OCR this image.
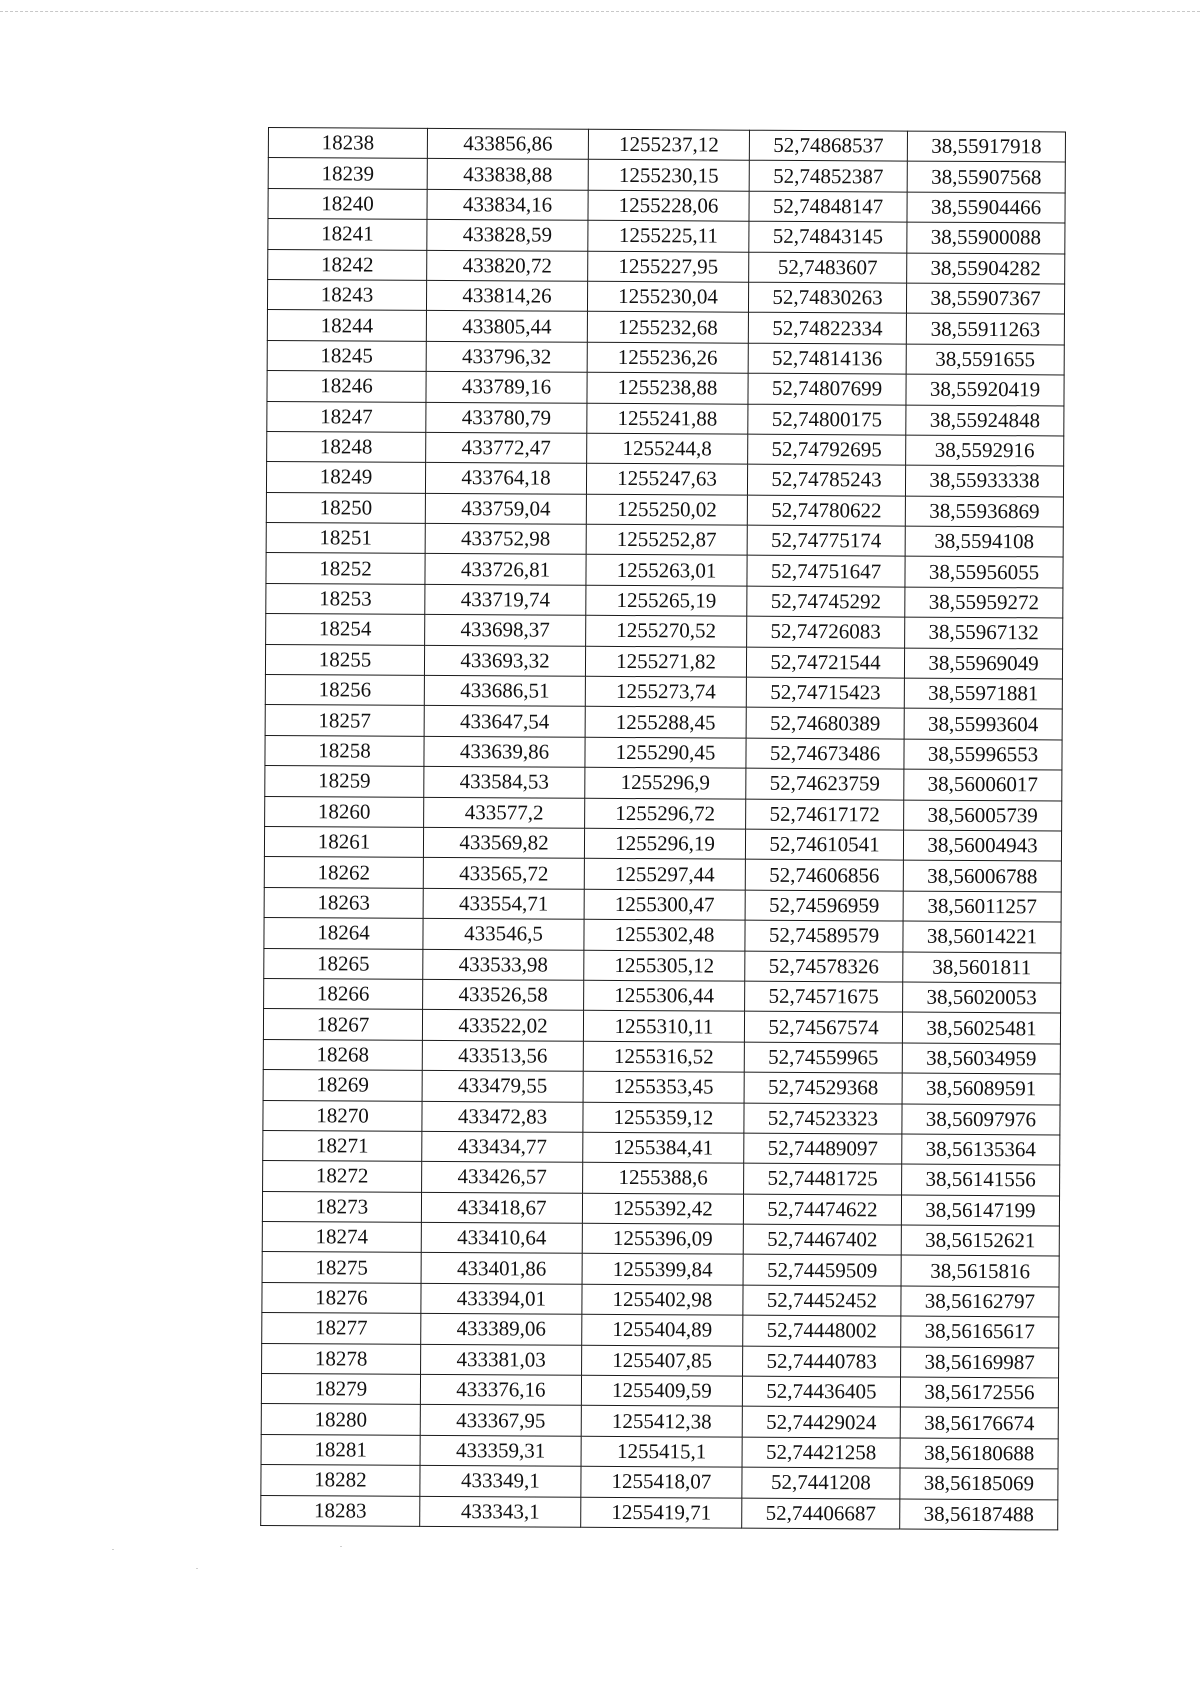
18238	433856,86	1255237,12	52,74868537	38,55917918
18239	433838,88	1255230,15	52,74852387	38,55907568
18240	433834,16	1255228,06	52,74848147	38,55904466
18241	433828,59	1255225,11	52,74843145	38,55900088
18242	433820,72	1255227,95	52,7483607	38,55904282
18243	433814,26	1255230,04	52,74830263	38,55907367
18244	433805,44	1255232,68	52,74822334	38,55911263
18245	433796,32	1255236,26	52,74814136	38,5591655
18246	433789,16	1255238,88	52,74807699	38,55920419
18247	433780,79	1255241,88	52,74800175	38,55924848
18248	433772,47	1255244,8	52,74792695	38,5592916
18249	433764,18	1255247,63	52,74785243	38,55933338
18250	433759,04	1255250,02	52,74780622	38,55936869
18251	433752,98	1255252,87	52,74775174	38,5594108
18252	433726,81	1255263,01	52,74751647	38,55956055
18253	433719,74	1255265,19	52,74745292	38,55959272
18254	433698,37	1255270,52	52,74726083	38,55967132
18255	433693,32	1255271,82	52,74721544	38,55969049
18256	433686,51	1255273,74	52,74715423	38,55971881
18257	433647,54	1255288,45	52,74680389	38,55993604
18258	433639,86	1255290,45	52,74673486	38,55996553
18259	433584,53	1255296,9	52,74623759	38,56006017
18260	433577,2	1255296,72	52,74617172	38,56005739
18261	433569,82	1255296,19	52,74610541	38,56004943
18262	433565,72	1255297,44	52,74606856	38,56006788
18263	433554,71	1255300,47	52,74596959	38,56011257
18264	433546,5	1255302,48	52,74589579	38,56014221
18265	433533,98	1255305,12	52,74578326	38,5601811
18266	433526,58	1255306,44	52,74571675	38,56020053
18267	433522,02	1255310,11	52,74567574	38,56025481
18268	433513,56	1255316,52	52,74559965	38,56034959
18269	433479,55	1255353,45	52,74529368	38,56089591
18270	433472,83	1255359,12	52,74523323	38,56097976
18271	433434,77	1255384,41	52,74489097	38,56135364
18272	433426,57	1255388,6	52,74481725	38,56141556
18273	433418,67	1255392,42	52,74474622	38,56147199
18274	433410,64	1255396,09	52,74467402	38,56152621
18275	433401,86	1255399,84	52,74459509	38,5615816
18276	433394,01	1255402,98	52,74452452	38,56162797
18277	433389,06	1255404,89	52,74448002	38,56165617
18278	433381,03	1255407,85	52,74440783	38,56169987
18279	433376,16	1255409,59	52,74436405	38,56172556
18280	433367,95	1255412,38	52,74429024	38,56176674
18281	433359,31	1255415,1	52,74421258	38,56180688
18282	433349,1	1255418,07	52,7441208	38,56185069
18283	433343,1	1255419,71	52,74406687	38,56187488
